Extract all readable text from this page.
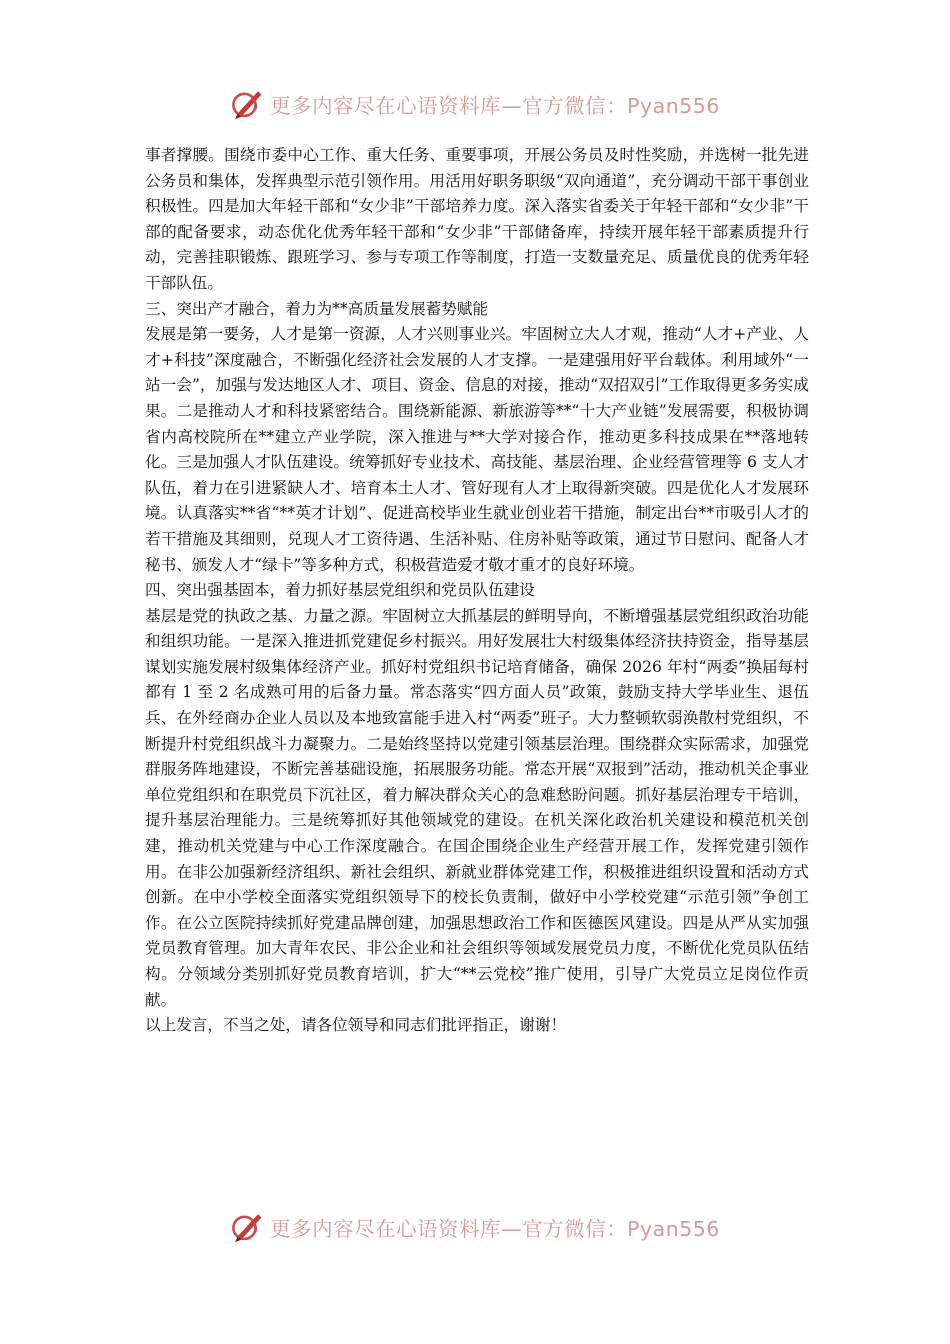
更多内容尽在心语资料库—官方微信：Pyan556

事者撑腰。围绕市委中心工作、重大任务、重要事项，开展公务员及时性奖励，并选树一批先进公务员和集体，发挥典型示范引领作用。用活用好职务职级“双向通道”，充分调动干部干事创业积极性。四是加大年轻干部和“女少非”干部培养力度。深入落实省委关于年轻干部和“女少非”干部的配备要求，动态优化优秀年轻干部和“女少非”干部储备库，持续开展年轻干部素质提升行动，完善挂职锻炼、跟班学习、参与专项工作等制度，打造一支数量充足、质量优良的优秀年轻干部队伍。

三、突出产才融合，着力为**高质量发展蓄势赋能

发展是第一要务，人才是第一资源，人才兴则事业兴。牢固树立大人才观，推动“人才+产业、人才+科技”深度融合，不断强化经济社会发展的人才支撑。一是建强用好平台载体。利用域外“一站一会”，加强与发达地区人才、项目、资金、信息的对接，推动“双招双引”工作取得更多务实成果。二是推动人才和科技紧密结合。围绕新能源、新旅游等**“十大产业链”发展需要，积极协调省内高校院所在**建立产业学院，深入推进与**大学对接合作，推动更多科技成果在**落地转化。三是加强人才队伍建设。统筹抓好专业技术、高技能、基层治理、企业经营管理等 6 支人才队伍，着力在引进紧缺人才、培育本土人才、管好现有人才上取得新突破。四是优化人才发展环境。认真落实**省“**英才计划”、促进高校毕业生就业创业若干措施，制定出台**市吸引人才的若干措施及其细则，兑现人才工资待遇、生活补贴、住房补贴等政策，通过节日慰问、配备人才秘书、颁发人才“绿卡”等多种方式，积极营造爱才敬才重才的良好环境。

四、突出强基固本，着力抓好基层党组织和党员队伍建设

基层是党的执政之基、力量之源。牢固树立大抓基层的鲜明导向，不断增强基层党组织政治功能和组织功能。一是深入推进抓党建促乡村振兴。用好发展壮大村级集体经济扶持资金，指导基层谋划实施发展村级集体经济产业。抓好村党组织书记培育储备，确保 2026 年村“两委”换届每村都有 1 至 2 名成熟可用的后备力量。常态落实“四方面人员”政策，鼓励支持大学毕业生、退伍兵、在外经商办企业人员以及本地致富能手进入村“两委”班子。大力整顿软弱涣散村党组织，不断提升村党组织战斗力凝聚力。二是始终坚持以党建引领基层治理。围绕群众实际需求，加强党群服务阵地建设，不断完善基础设施，拓展服务功能。常态开展“双报到”活动，推动机关企事业单位党组织和在职党员下沉社区，着力解决群众关心的急难愁盼问题。抓好基层治理专干培训，提升基层治理能力。三是统筹抓好其他领域党的建设。在机关深化政治机关建设和模范机关创建，推动机关党建与中心工作深度融合。在国企围绕企业生产经营开展工作，发挥党建引领作用。在非公加强新经济组织、新社会组织、新就业群体党建工作，积极推进组织设置和活动方式创新。在中小学校全面落实党组织领导下的校长负责制，做好中小学校党建“示范引领”争创工作。在公立医院持续抓好党建品牌创建，加强思想政治工作和医德医风建设。四是从严从实加强党员教育管理。加大青年农民、非公企业和社会组织等领域发展党员力度，不断优化党员队伍结构。分领域分类别抓好党员教育培训，扩大“**云党校”推广使用，引导广大党员立足岗位作贡献。

以上发言，不当之处，请各位领导和同志们批评指正，谢谢！

更多内容尽在心语资料库—官方微信：Pyan556
